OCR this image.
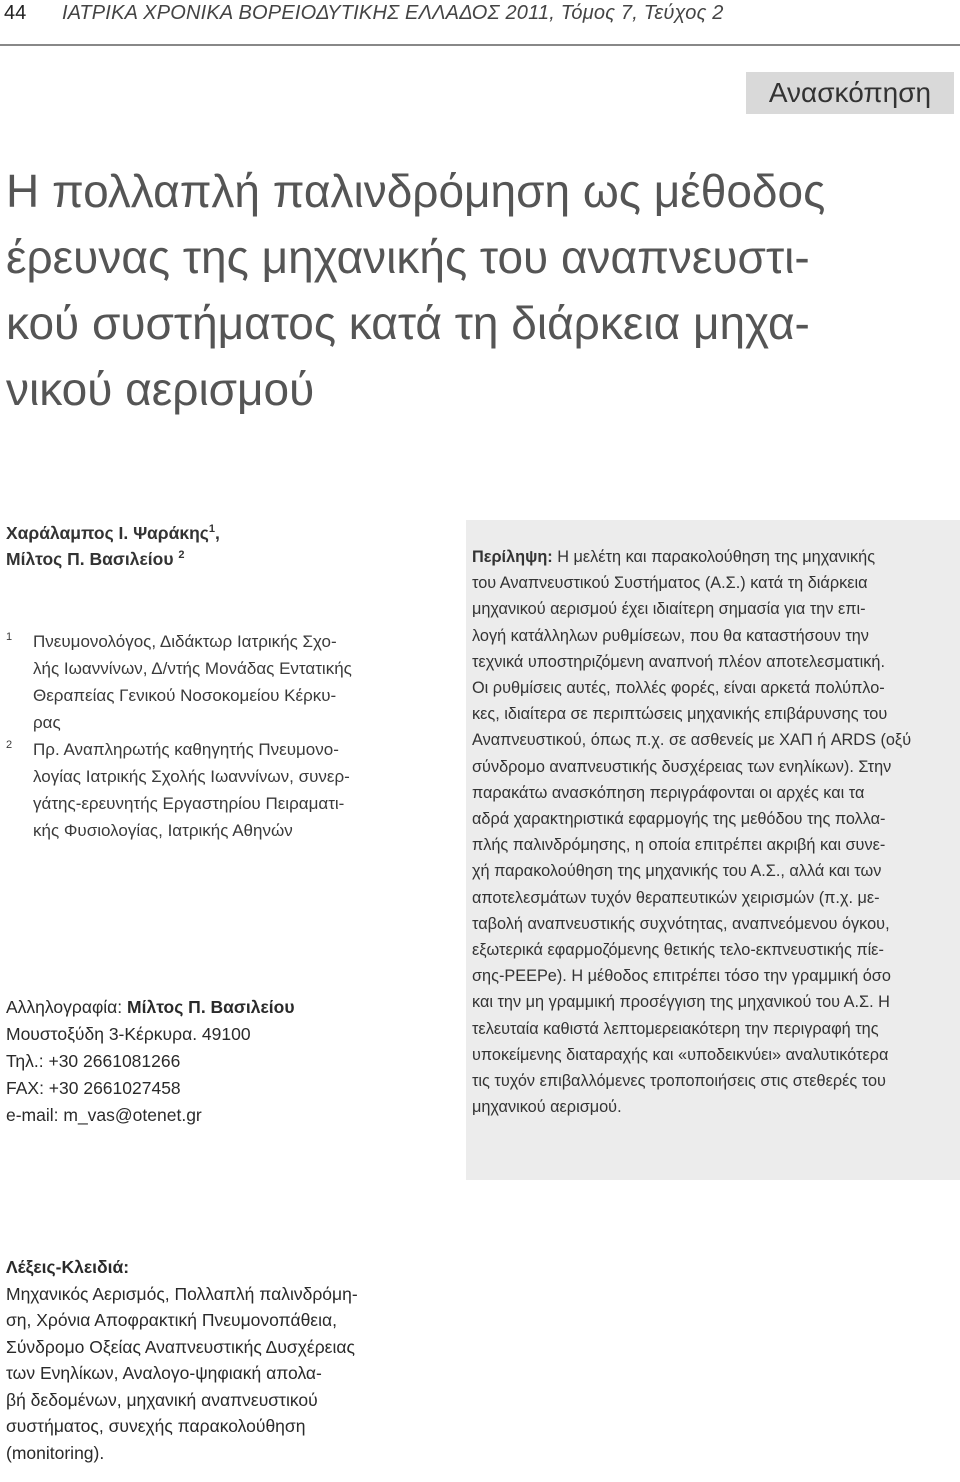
44 ΙΑΤΡΙΚΑ ΧΡΟΝΙΚΑ ΒΟΡΕΙΟΔΥΤΙΚΗΣ ΕΛΛΑΔΟΣ 2011, Τόμος 7, Τεύχος 2
Ανασκόπηση
Η πολλαπλή παλινδρόμηση ως μέθοδος
έρευνας της μηχανικής του αναπνευστι-
κού συστήματος κατά τη διάρκεια μηχα-
νικού αερισμού
Χαράλαμπος Ι. Ψαράκης$^1$,
Μίλτος Π. Βασιλείου $^2$
1 Πνευμονολόγος, Διδάκτωρ Ιατρικής Σχο-
λής Ιωαννίνων, Δ/ντής Μονάδας Εντατικής
Θεραπείας Γενικού Νοσοκομείου Κέρκυ-
ρας
2 Πρ. Αναπληρωτής καθηγητής Πνευμονο-
λογίας Ιατρικής Σχολής Ιωαννίνων, συνερ-
γάτης-ερευνητής Εργαστηρίου Πειραματι-
κής Φυσιολογίας, Ιατρικής Αθηνών
Αλληλογραφία: Μίλτος Π. Βασιλείου
Μουστοξύδη 3-Κέρκυρα. 49100
Τηλ.: +30 2661081266
FAX: +30 2661027458
e-mail: m_vas@otenet.gr
Περίληψη: Η μελέτη και παρακολούθηση της μηχανικής
του Αναπνευστικού Συστήματος (Α.Σ.) κατά τη διάρκεια
μηχανικού αερισμού έχει ιδιαίτερη σημασία για την επι-
λογή κατάλληλων ρυθμίσεων, που θα καταστήσουν την
τεχνικά υποστηριζόμενη αναπνοή πλέον αποτελεσματική.
Οι ρυθμίσεις αυτές, πολλές φορές, είναι αρκετά πολύπλο-
κες, ιδιαίτερα σε περιπτώσεις μηχανικής επιβάρυνσης του
Αναπνευστικού, όπως π.χ. σε ασθενείς με ΧΑΠ ή ARDS (οξύ
σύνδρομο αναπνευστικής δυσχέρειας των ενηλίκων). Στην
παρακάτω ανασκόπηση περιγράφονται οι αρχές και τα
αδρά χαρακτηριστικά εφαρμογής της μεθόδου της πολλα-
πλής παλινδρόμησης, η οποία επιτρέπει ακριβή και συνε-
χή παρακολούθηση της μηχανικής του Α.Σ., αλλά και των
αποτελεσμάτων τυχόν θεραπευτικών χειρισμών (π.χ. με-
ταβολή αναπνευστικής συχνότητας, αναπνεόμενου όγκου,
εξωτερικά εφαρμοζόμενης θετικής τελο-εκπνευστικής πίε-
σης-PEEPe). Η μέθοδος επιτρέπει τόσο την γραμμική όσο
και την μη γραμμική προσέγγιση της μηχανικού του Α.Σ. Η
τελευταία καθιστά λεπτομερειακότερη την περιγραφή της
υποκείμενης διαταραχής και «υποδεικνύει» αναλυτικότερα
τις τυχόν επιβαλλόμενες τροποποιήσεις στις στεθερές του
μηχανικού αερισμού.
Λέξεις-Κλειδιά:
Μηχανικός Αερισμός, Πολλαπλή παλινδρόμη-
ση, Χρόνια Αποφρακτική Πνευμονοπάθεια,
Σύνδρομο Οξείας Αναπνευστικής Δυσχέρειας
των Ενηλίκων, Αναλογο-ψηφιακή απολα-
βή δεδομένων, μηχανική αναπνευστικού
συστήματος, συνεχής παρακολούθηση
(monitoring).
